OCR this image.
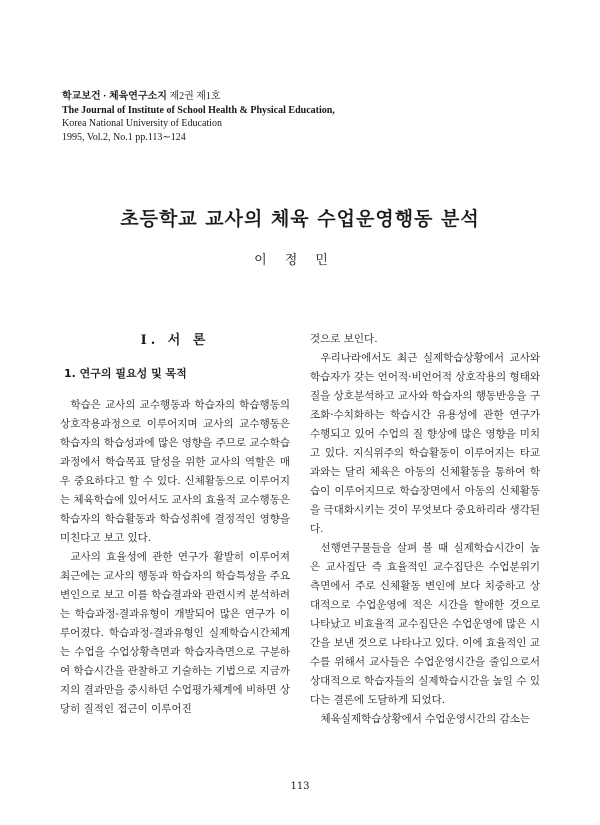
학교보건 · 체육연구소지 제2권 제1호
The Journal of Institute of School Health & Physical Education,
Korea National University of Education
1995, Vol.2, No.1 pp.113∼124
초등학교 교사의 체육 수업운영행동 분석
이정민
Ⅰ. 서 론
1. 연구의 필요성 및 목적

학습은 교사의 교수행동과 학습자의 학습행동의 상호작용과정으로 이루어지며 교사의 교수행동은 학습자의 학습성과에 많은 영향을 주므로 교수학습과정에서 학습목표 달성을 위한 교사의 역할은 매우 중요하다고 할 수 있다. 신체활동으로 이루어지는 체육학습에 있어서도 교사의 효율적 교수행동은 학습자의 학습활동과 학습성취에 결정적인 영향을 미친다고 보고 있다.

교사의 효율성에 관한 연구가 활발히 이루어져 최근에는 교사의 행동과 학습자의 학습특성을 주요 변인으로 보고 이를 학습결과와 관련시켜 분석하려는 학습과정-결과유형이 개발되어 많은 연구가 이루어졌다. 학습과정-결과유형인 실제학습시간체계는 수업을 수업상황측면과 학습자측면으로 구분하여 학습시간을 관찰하고 기술하는 기법으로 지금까지의 결과만을 중시하던 수업평가체계에 비하면 상당히 질적인 접근이 이루어진

것으로 보인다.

우리나라에서도 최근 실제학습상황에서 교사와 학습자가 갖는 언어적·비언어적 상호작용의 형태와 질을 상호분석하고 교사와 학습자의 행동반응을 구조화·수치화하는 학습시간 유용성에 관한 연구가 수행되고 있어 수업의 질 향상에 많은 영향을 미치고 있다. 지식위주의 학습활동이 이루어지는 타교과와는 달리 체육은 아동의 신체활동을 통하여 학습이 이루어지므로 학습장면에서 아동의 신체활동을 극대화시키는 것이 무엇보다 중요하리라 생각된다.

선행연구물들을 살펴 볼 때 실제학습시간이 높은 교사집단 즉 효율적인 교수집단은 수업분위기 측면에서 주로 신체활동 변인에 보다 치중하고 상대적으로 수업운영에 적은 시간을 할애한 것으로 나타났고 비효율적 교수집단은 수업운영에 많은 시간을 보낸 것으로 나타나고 있다. 이에 효율적인 교수를 위해서 교사들은 수업운영시간을 줄임으로서 상대적으로 학습자들의 실제학습시간을 높일 수 있다는 결론에 도달하게 되었다.

체육실제학습상황에서 수업운영시간의 감소는

113
